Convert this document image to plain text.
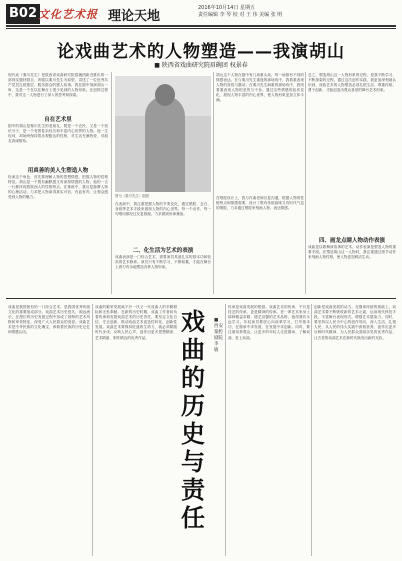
B02 文化艺术报 理论天地
2016年10月14日 星期五
责任编辑 李 琴 校 对 王 伟 美编 张 明
论戏曲艺术的人物塑造——我演胡山
■ 陕西省戏曲研究院眉碗团 权景春
现代戏《秦川先生》是陕西省戏曲研究院眉碗团新近推出的一部现实题材剧目，该剧以秦川先生为原型，讲述了一位优秀共产党员扎根基层、服务群众的感人故事。我在剧中饰演胡山一角，这是一个在以往舞台上很少见到的人物形象。在创排过程中，我对这一人物进行了深入的思考和探索。
自在艺术里
剧中的胡山是秦川先生的老朋友，既是一个农民，又是一个知识分子，是一个有着复杂经历和丰富内心世界的人物。他一生坎坷，却始终保持着乐观豁达的性格，对生活充满热爱，对朋友真诚相待。
用真善的美人生塑造人物
扮演这个角色，首先要理解人物的思想情感，把握人物的性格特征。胡山是一个既有幽默感又有深厚情感的人物，他的一言一行都体现着陕西人的性格特点。在排练中，我反复揣摩人物的心理活动，力求把人物演得真实可信、有血有肉，让观众感受到人物的魅力。	图为《秦川先生》剧照
在表演中，我注重把握人物的节奏变化，通过唱腔、念白、身段等艺术手段来展现人物的内心世界。每一个动作、每一句唱词都经过反复推敲，力求做到形神兼备。
二、化生活为艺术的表演
戏曲表演是一门综合艺术，需要演员具备扎实的基本功和较高的艺术修养。演员只有不断学习、不断积累，才能在舞台上游刃有余地塑造各种人物形象。
胡山这个人物在剧中有几场重头戏，每一场都有不同的情感表达。在与秦川先生重逢的那场戏中，我着重表现人物的喜悦与激动；在秦川先生病重的那场戏中，我则着重表现人物的悲伤与不舍。通过这些情感的起伏变化，展现人物丰富的内心世界，使人物形象更加立体丰满。
在唱腔设计上，我与作曲老师反复沟通，根据人物的性格特点和情感需要，设计了既有传统韵味又有时代气息的唱腔，力求通过唱腔来刻画人物、表达情感。
总之，塑造胡山这一人物形象的过程，是我不断学习、不断探索的过程。通过这次创作实践，我更加深刻地认识到，戏曲艺术的人物塑造必须扎根生活、尊重传统、勇于创新，才能创造出观众喜爱的舞台艺术形象。
四、画龙点睛人物动作表演
戏曲是以歌舞演故事的艺术，动作表演是塑造人物的重要手段。在塑造胡山这一人物时，我注重通过细节动作来刻画人物性格，使人物更加鲜活生动。
戏曲是我国独有的一门综合艺术，是我国优秀传统文化的重要组成部分。戏曲艺术历史悠久，源远流长，在漫长的历史发展过程中形成了独特的艺术风格和审美特征，深受广大人民群众的喜爱。戏曲艺术是中华民族的文化瑰宝，承载着民族的历史记忆和情感认同。
戏曲的繁荣发展离不开一代又一代戏曲人的辛勤耕耘和无私奉献。在新的历史时期，戏曲工作者肩负着传承和发展戏曲艺术的历史责任，要坚定文化自信，守正创新，推动戏曲艺术创造性转化、创新性发展。戏曲艺术要保持旺盛的生命力，就必须紧跟时代步伐，反映人民心声，创作出更多思想精深、艺术精湛、制作精良的优秀作品。
戏曲的历史与责任
■ 西安秦腔剧院 李 敏
传承是戏曲发展的根基。戏曲艺术的传承，不仅是技艺的传承，更是精神的传承。老一辈艺术家身上那种精益求精、德艺双馨的艺术品格，值得我们永远学习。年轻演员要虚心向前辈学习，打牢基本功，在继承中求发展，在发展中求创新。同时，要注重培养观众，让更多的年轻人走进剧场、了解戏曲、爱上戏曲。
创新是戏曲发展的动力。在继承传统的基础上，戏曲艺术要不断吸收新的艺术元素，运用现代科技手段，丰富舞台表现形式，增强艺术感染力。同时，要坚持以人民为中心的创作导向，深入生活、扎根人民，从人民的伟大实践中汲取营养，创作出更多反映时代精神、为人民群众喜闻乐见的优秀作品，让古老的戏曲艺术在新时代焕发出新的光彩。
